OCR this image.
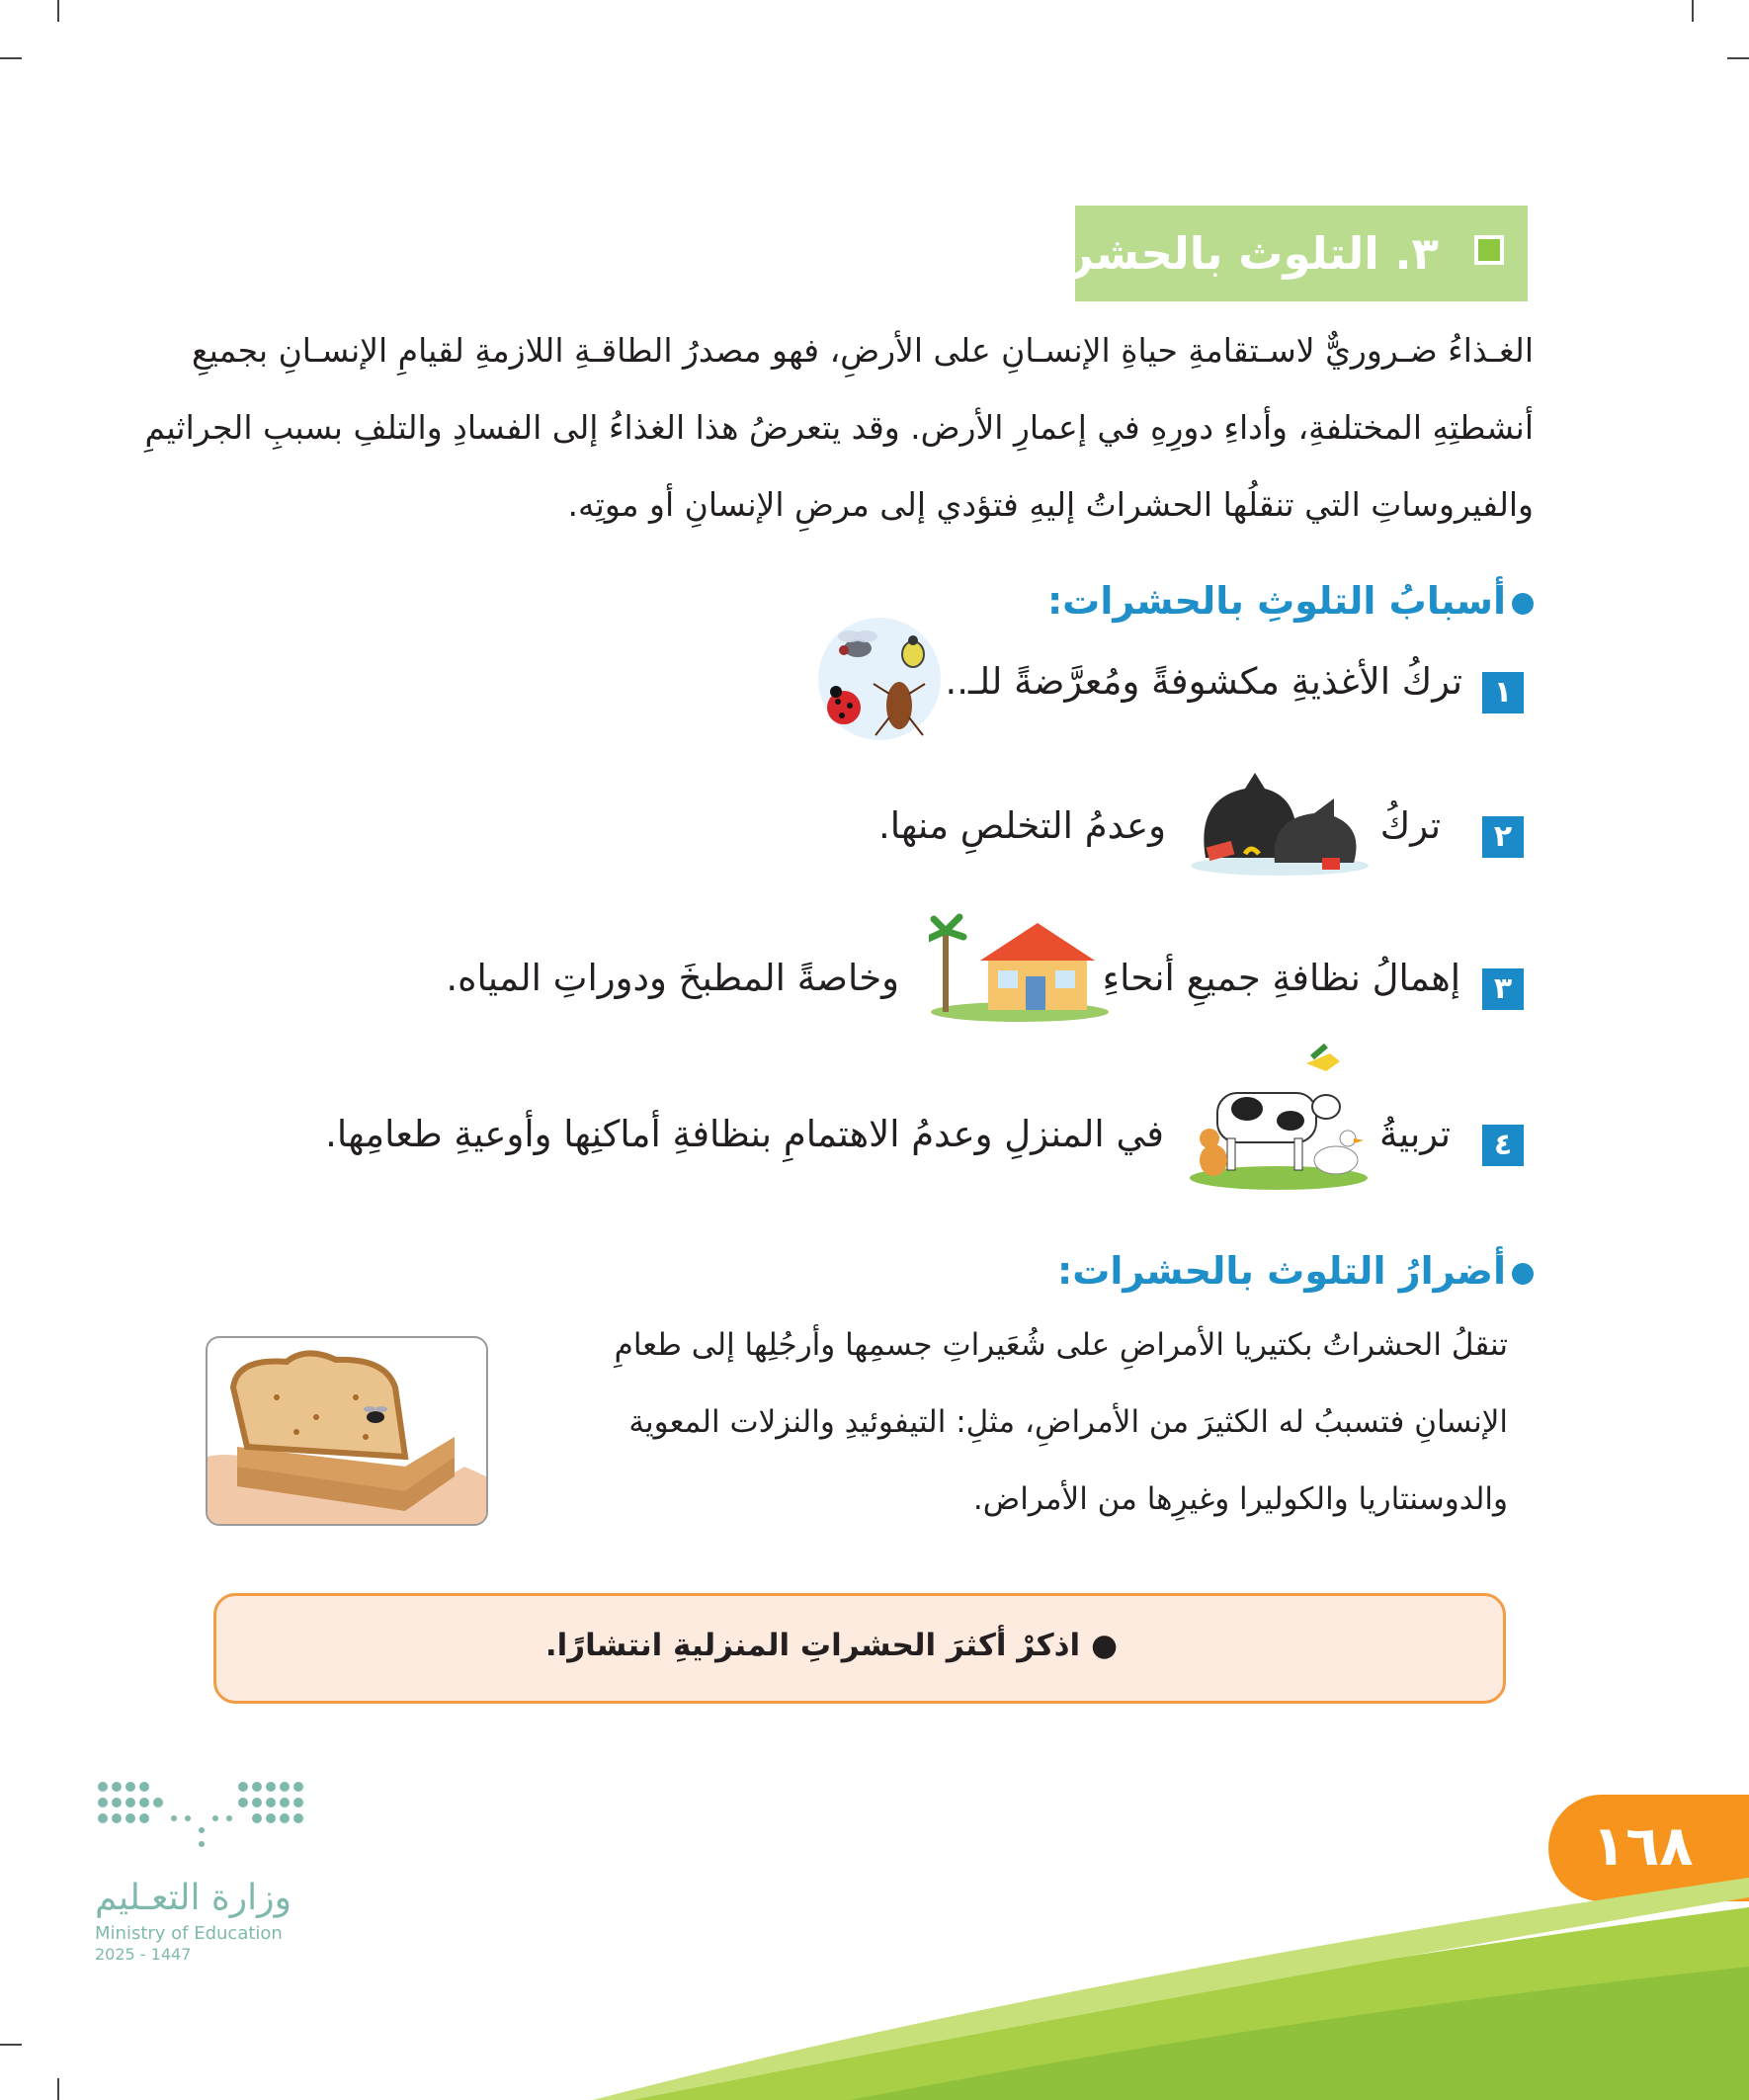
٣. التلوث بالحشرات:

الغـذاءُ ضـروريٌّ لاسـتقامةِ حياةِ الإنسـانِ على الأرضِ، فهو مصدرُ الطاقـةِ اللازمةِ لقيامِ الإنسـانِ بجميعِ

أنشطتِهِ المختلفةِ، وأداءِ دورِهِ في إعمارِ الأرض. وقد يتعرضُ هذا الغذاءُ إلى الفسادِ والتلفِ بسببِ الجراثيمِ

والفيروساتِ التي تنقلُها الحشراتُ إليهِ فتؤدي إلى مرضِ الإنسانِ أو موتِه.

أسبابُ التلوثِ بالحشرات:
١
تركُ الأغذيةِ مكشوفةً ومُعرَّضةً للـ..
٢
تركُ
وعدمُ التخلصِ منها.
٣
إهمالُ نظافةِ جميعِ أنحاءِ
وخاصةً المطبخَ ودوراتِ المياه.
٤
تربيةُ
في المنزلِ وعدمُ الاهتمامِ بنظافةِ أماكنِها وأوعيةِ طعامِها.
أضرارُ التلوث بالحشرات:

تنقلُ الحشراتُ بكتيريا الأمراضِ على شُعَيراتِ جسمِها وأرجُلِها إلى طعامِ

الإنسانِ فتسببُ له الكثيرَ من الأمراضِ، مثلِ: التيفوئيدِ والنزلات المعوية

والدوسنتاريا والكوليرا وغيرِها من الأمراض.

● اذكرْ أكثرَ الحشراتِ المنزليةِ انتشارًا.
١٦٨
وزارة التعـليم
Ministry of Education
2025 - 1447
